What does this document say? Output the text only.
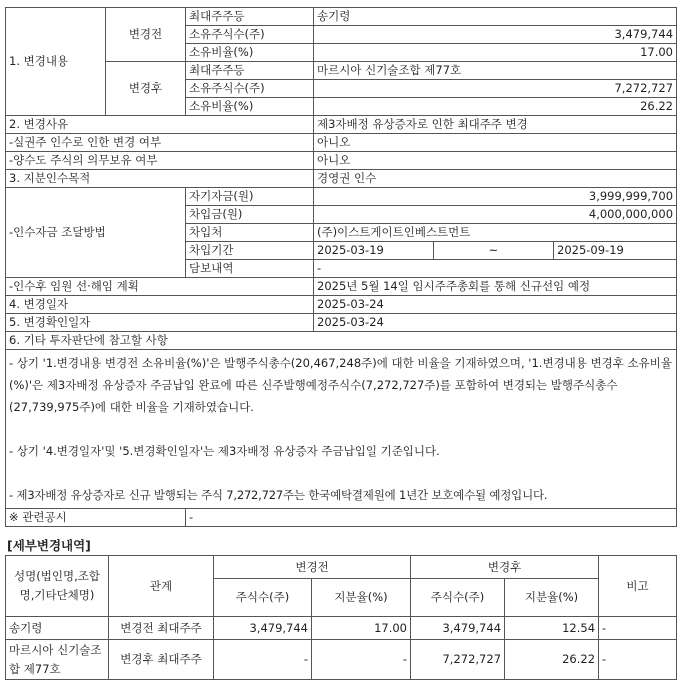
1. 변경내용	변경전	최대주주등	송기령		
		소유주식수(주)	3,479,744		
		소유비율(%)	17.00		
	변경후	최대주주등	마르시아 신기술조합 제77호		
		소유주식수(주)	7,272,727		
		소유비율(%)	26.22		
2. 변경사유			제3자배정 유상증자로 인한 최대주주 변경		
-실권주 인수로 인한 변경 여부			아니오		
-양수도 주식의 의무보유 여부			아니오		
3. 지분인수목적			경영권 인수		
-인수자금 조달방법		자기자금(원)	3,999,999,700		
		차입금(원)	4,000,000,000		
		차입처	(주)이스트게이트인베스트먼트		
		차입기간	2025-03-19	~	2025-09-19
		담보내역	-		
-인수후 임원 선·해임 계획			2025년 5월 14일 임시주주총회를 통해 신규선임 예정		
4. 변경일자			2025-03-24		
5. 변경확인일자			2025-03-24		
6. 기타 투자판단에 참고할 사항					

- 상기 '1.변경내용 변경전 소유비율(%)'은 발행주식총수(20,467,248주)에 대한 비율을 기재하였으며, '1.변경내용 변경후 소유비율(%)'은 제3자배정 유상증자 주금납입 완료에 따른 신주발행예정주식수(7,272,727주)를 포함하여 변경되는 발행주식총수(27,739,975주)에 대한 비율을 기재하였습니다.
- 상기 '4.변경일자'및 '5.변경확인일자'는 제3자배정 유상증자 주금납입일 기준입니다.
- 제3자배정 유상증자로 신규 발행되는 주식 7,272,727주는 한국예탁결제원에 1년간 보호예수될 예정입니다.					

※ 관련공시		-			
[세부변경내역]
성명(법인명,조합명,기타단체명)	관계	변경전		변경후		비고
		주식수(주)	지분율(%)	주식수(주)	지분율(%)	
송기령	변경전 최대주주	3,479,744	17.00	3,479,744	12.54	-
마르시아 신기술조합 제77호	변경후 최대주주	-	-	7,272,727	26.22	-
